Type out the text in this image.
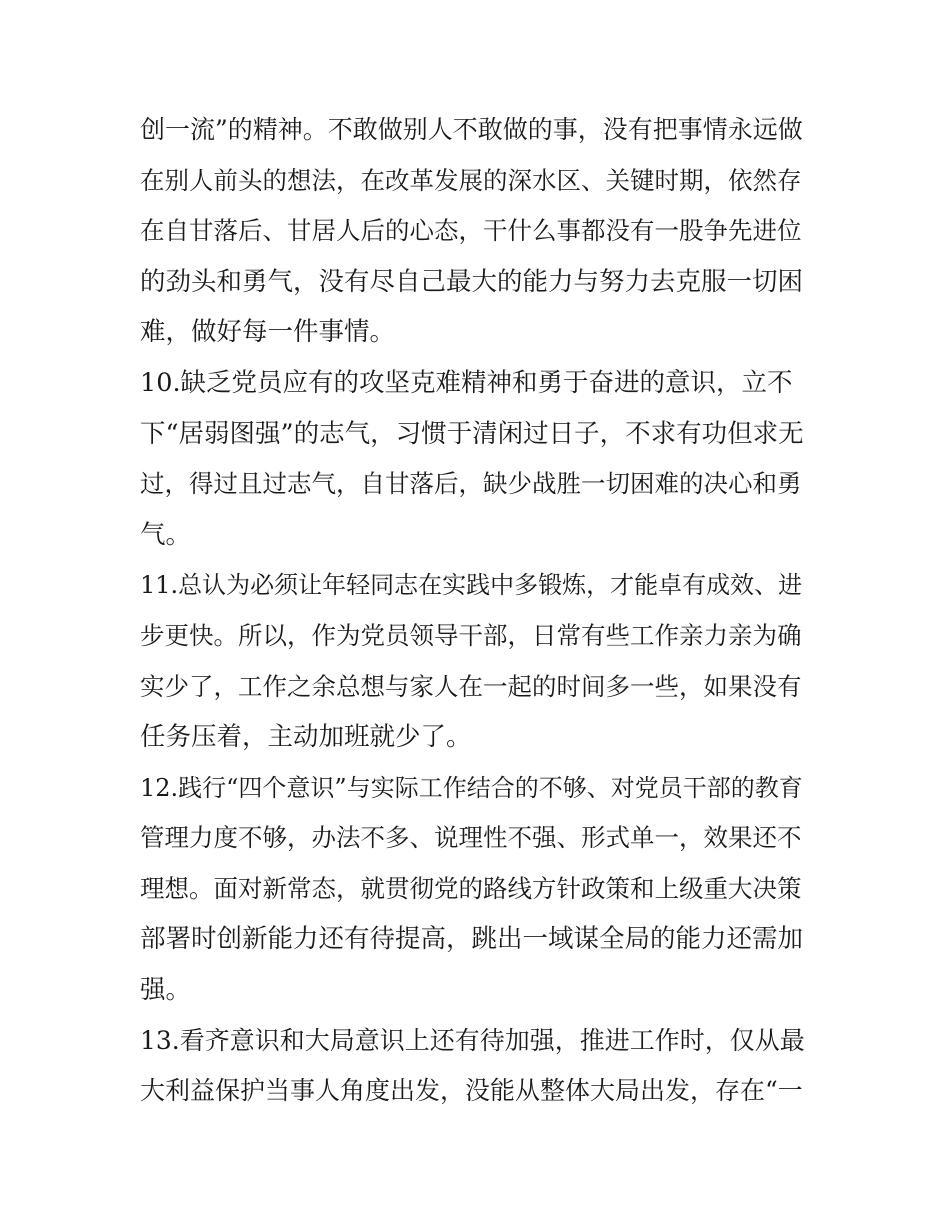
创一流”的精神。不敢做别人不敢做的事，没有把事情永远做
在别人前头的想法，在改革发展的深水区、关键时期，依然存
在自甘落后、甘居人后的心态，干什么事都没有一股争先进位
的劲头和勇气，没有尽自己最大的能力与努力去克服一切困
难，做好每一件事情。
10.缺乏党员应有的攻坚克难精神和勇于奋进的意识，立不
下“居弱图强”的志气，习惯于清闲过日子，不求有功但求无
过，得过且过志气，自甘落后，缺少战胜一切困难的决心和勇
气。
11.总认为必须让年轻同志在实践中多锻炼，才能卓有成效、进
步更快。所以，作为党员领导干部，日常有些工作亲力亲为确
实少了，工作之余总想与家人在一起的时间多一些，如果没有
任务压着，主动加班就少了。
12.践行“四个意识”与实际工作结合的不够、对党员干部的教育
管理力度不够，办法不多、说理性不强、形式单一，效果还不
理想。面对新常态，就贯彻党的路线方针政策和上级重大决策
部署时创新能力还有待提高，跳出一域谋全局的能力还需加
强。
13.看齐意识和大局意识上还有待加强，推进工作时，仅从最
大利益保护当事人角度出发，没能从整体大局出发，存在“一
